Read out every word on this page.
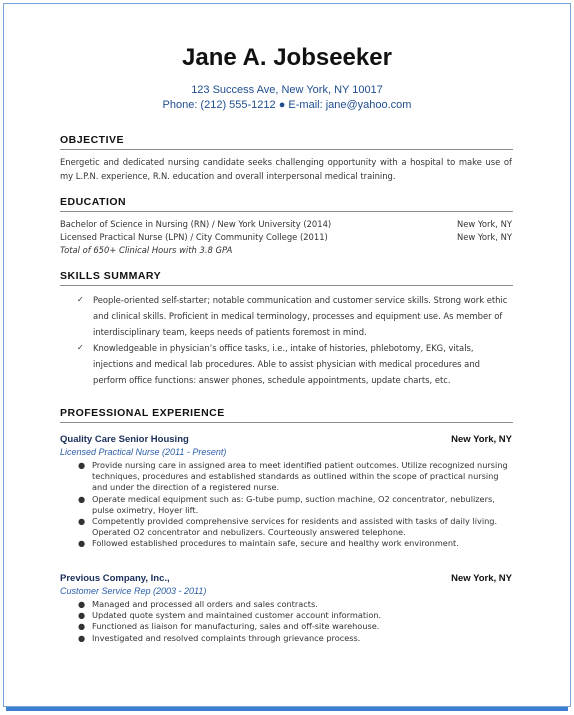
Jane A. Jobseeker
123 Success Ave, New York, NY 10017
Phone: (212) 555-1212 ● E-mail: jane@yahoo.com
OBJECTIVE
Energetic and dedicated nursing candidate seeks challenging opportunity with a hospital to make use of my L.P.N. experience, R.N. education and overall interpersonal medical training.
EDUCATION
Bachelor of Science in Nursing (RN) / New York University (2014)	New York, NY
Licensed Practical Nurse (LPN) / City Community College (2011)	New York, NY
Total of 650+ Clinical Hours with 3.8 GPA
SKILLS SUMMARY
✓ People-oriented self-starter; notable communication and customer service skills. Strong work ethic and clinical skills. Proficient in medical terminology, processes and equipment use. As member of interdisciplinary team, keeps needs of patients foremost in mind.
✓ Knowledgeable in physician’s office tasks, i.e., intake of histories, phlebotomy, EKG, vitals, injections and medical lab procedures. Able to assist physician with medical procedures and perform office functions: answer phones, schedule appointments, update charts, etc.
PROFESSIONAL EXPERIENCE
Quality Care Senior Housing	New York, NY
Licensed Practical Nurse (2011 - Present)
● Provide nursing care in assigned area to meet identified patient outcomes. Utilize recognized nursing techniques, procedures and established standards as outlined within the scope of practical nursing and under the direction of a registered nurse.
● Operate medical equipment such as: G-tube pump, suction machine, O2 concentrator, nebulizers, pulse oximetry, Hoyer lift.
● Competently provided comprehensive services for residents and assisted with tasks of daily living. Operated O2 concentrator and nebulizers. Courteously answered telephone.
● Followed established procedures to maintain safe, secure and healthy work environment.
Previous Company, Inc.,	New York, NY
Customer Service Rep (2003 - 2011)
● Managed and processed all orders and sales contracts.
● Updated quote system and maintained customer account information.
● Functioned as liaison for manufacturing, sales and off-site warehouse.
● Investigated and resolved complaints through grievance process.
